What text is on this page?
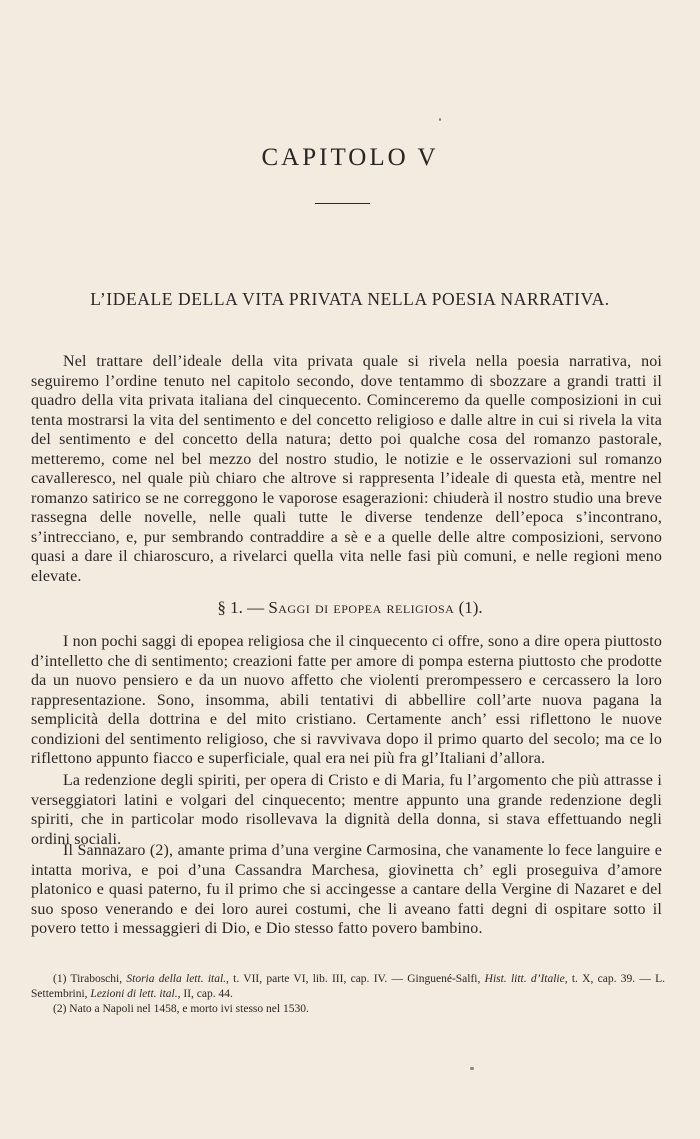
CAPITOLO V
L’IDEALE DELLA VITA PRIVATA NELLA POESIA NARRATIVA.

Nel trattare dell’ideale della vita privata quale si rivela nella poesia narrativa, noi seguiremo l’ordine tenuto nel capitolo secondo, dove tentammo di sbozzare a grandi tratti il quadro della vita privata italiana del cinquecento. Cominceremo da quelle composizioni in cui tenta mostrarsi la vita del sentimento e del concetto religioso e dalle altre in cui si rivela la vita del sentimento e del concetto della natura; detto poi qualche cosa del romanzo pastorale, metteremo, come nel bel mezzo del nostro studio, le notizie e le osservazioni sul romanzo cavalleresco, nel quale più chiaro che altrove si rappresenta l’ideale di questa età, mentre nel romanzo satirico se ne correggono le vaporose esagerazioni: chiuderà il nostro studio una breve rassegna delle novelle, nelle quali tutte le diverse tendenze dell’epoca s’incontrano, s’intrecciano, e, pur sembrando contraddire a sè e a quelle delle altre composizioni, servono quasi a dare il chiaroscuro, a rivelarci quella vita nelle fasi più comuni, e nelle regioni meno elevate.

§ 1. — Saggi di epopea religiosa (1).

I non pochi saggi di epopea religiosa che il cinquecento ci offre, sono a dire opera piuttosto d’intelletto che di sentimento; creazioni fatte per amore di pompa esterna piuttosto che prodotte da un nuovo pensiero e da un nuovo affetto che violenti prerompessero e cercassero la loro rappresentazione. Sono, insomma, abili tentativi di abbellire coll’arte nuova pagana la semplicità della dottrina e del mito cristiano. Certamente anch’ essi riflettono le nuove condizioni del sentimento religioso, che si ravvivava dopo il primo quarto del secolo; ma ce lo riflettono appunto fiacco e superficiale, qual era nei più fra gl’Italiani d’allora.

La redenzione degli spiriti, per opera di Cristo e di Maria, fu l’argomento che più attrasse i verseggiatori latini e volgari del cinquecento; mentre appunto una grande redenzione degli spiriti, che in particolar modo risollevava la dignità della donna, si stava effettuando negli ordini sociali.

Il Sannazaro (2), amante prima d’una vergine Carmosina, che vanamente lo fece languire e intatta moriva, e poi d’una Cassandra Marchesa, giovinetta ch’ egli proseguiva d’amore platonico e quasi paterno, fu il primo che si accingesse a cantare della Vergine di Nazaret e del suo sposo venerando e dei loro aurei costumi, che li aveano fatti degni di ospitare sotto il povero tetto i messaggieri di Dio, e Dio stesso fatto povero bambino.

(1) Tiraboschi, Storia della lett. ital., t. VII, parte VI, lib. III, cap. IV. — Ginguené-Salfi, Hist. litt. d’Italie, t. X, cap. 39. — L. Settembrini, Lezioni di lett. ital., II, cap. 44.

(2) Nato a Napoli nel 1458, e morto ivi stesso nel 1530.
